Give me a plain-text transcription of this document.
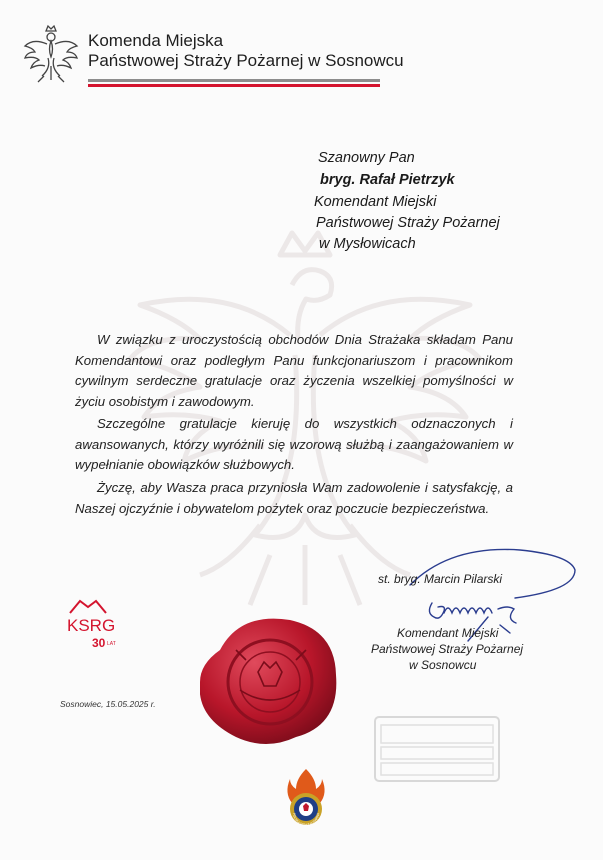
Komenda Miejska
Państwowej Straży Pożarnej w Sosnowcu
Szanowny Pan
bryg. Rafał Pietrzyk
Komendant Miejski
Państwowej Straży Pożarnej
w Mysłowicach
W związku z uroczystością obchodów Dnia Strażaka składam Panu Komendantowi oraz podległym Panu funkcjonariuszom i pracownikom cywilnym serdeczne gratulacje oraz życzenia wszelkiej pomyślności w życiu osobistym i zawodowym.
Szczególne gratulacje kieruję do wszystkich odznaczonych i awansowanych, którzy wyróżnili się wzorową służbą i zaangażowaniem w wypełnianie obowiązków służbowych.
Życzę, aby Wasza praca przyniosła Wam zadowolenie i satysfakcję, a Naszej ojczyźnie i obywatelom pożytek oraz poczucie bezpieczeństwa.
st. bryg. Marcin Pilarski
Komendant Miejski
Państwowej Straży Pożarnej
w Sosnowcu
KSRG
30 LAT
Sosnowiec, 15.05.2025 r.
POLSKA STRAŻ POŻARNA
